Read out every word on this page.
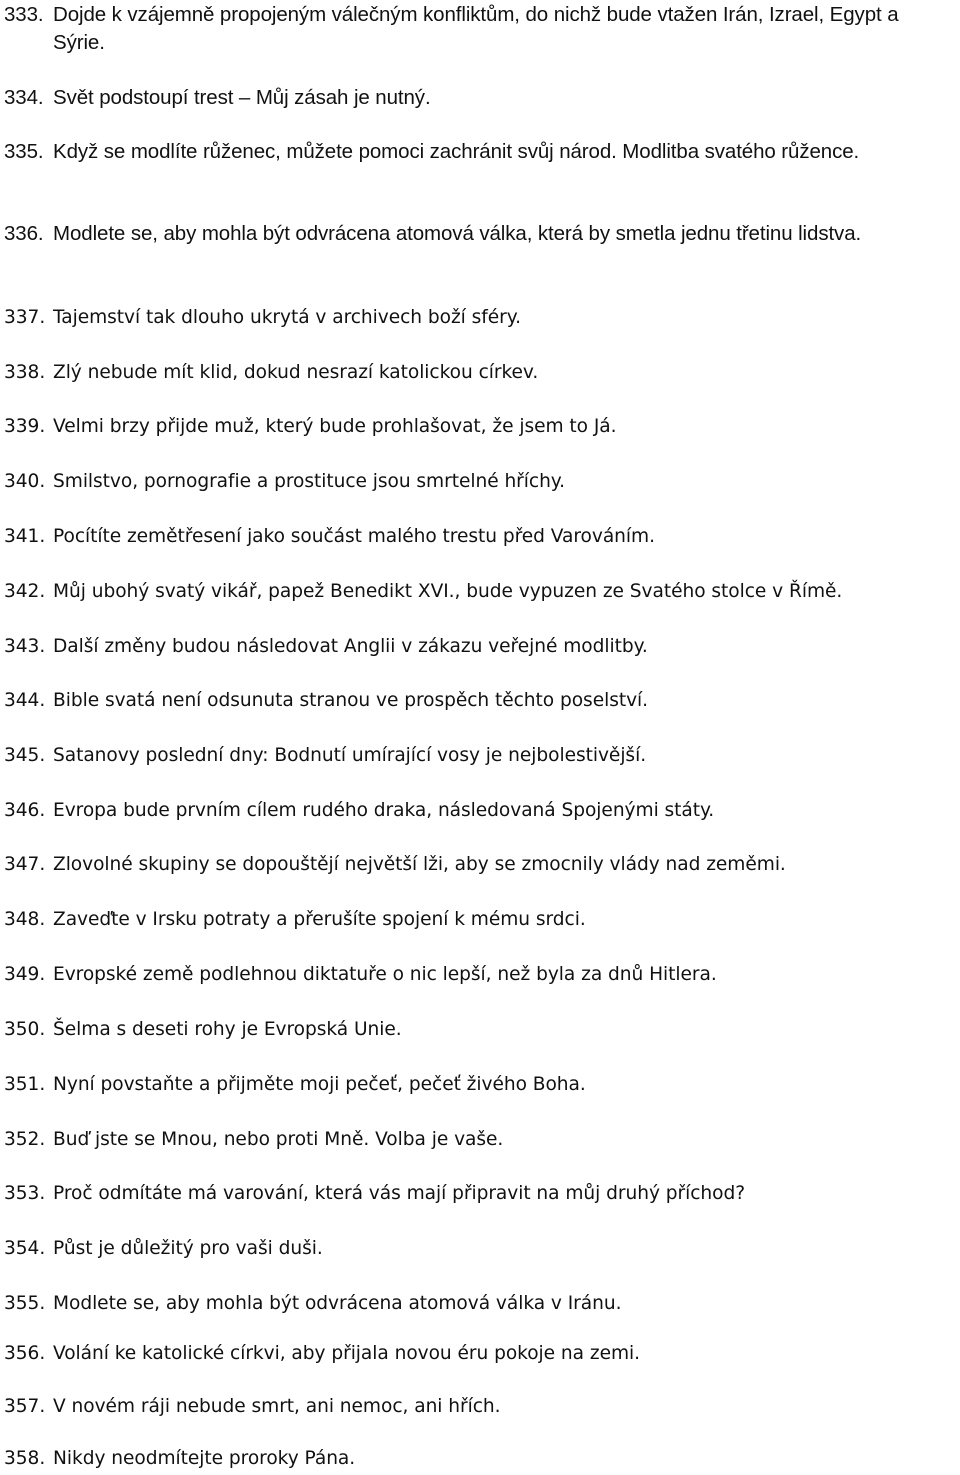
333. Dojde k vzájemně propojeným válečným konfliktům, do nichž bude vtažen Irán, Izrael, Egypt a Sýrie.
334. Svět podstoupí trest – Můj zásah je nutný.
335. Když se modlíte růženec, můžete pomoci zachránit svůj národ. Modlitba svatého růžence.
336. Modlete se, aby mohla být odvrácena atomová válka, která by smetla jednu třetinu lidstva.
337. Tajemství tak dlouho ukrytá v archivech boží sféry.
338. Zlý nebude mít klid, dokud nesrazí katolickou církev.
339. Velmi brzy přijde muž, který bude prohlašovat, že jsem to Já.
340. Smilstvo, pornografie a prostituce jsou smrtelné hříchy.
341. Pocítíte zemětřesení jako součást malého trestu před Varováním.
342. Můj ubohý svatý vikář, papež Benedikt XVI., bude vypuzen ze Svatého stolce v Římě.
343. Další změny budou následovat Anglii v zákazu veřejné modlitby.
344. Bible svatá není odsunuta stranou ve prospěch těchto poselství.
345. Satanovy poslední dny: Bodnutí umírající vosy je nejbolestivější.
346. Evropa bude prvním cílem rudého draka, následovaná Spojenými státy.
347. Zlovolné skupiny se dopouštějí největší lži, aby se zmocnily vlády nad zeměmi.
348. Zaveďte v Irsku potraty a přerušíte spojení k mému srdci.
349. Evropské země podlehnou diktatuře o nic lepší, než byla za dnů Hitlera.
350. Šelma s deseti rohy je Evropská Unie.
351. Nyní povstaňte a přijměte moji pečeť, pečeť živého Boha.
352. Buď jste se Mnou, nebo proti Mně. Volba je vaše.
353. Proč odmítáte má varování, která vás mají připravit na můj druhý příchod?
354. Půst je důležitý pro vaši duši.
355. Modlete se, aby mohla být odvrácena atomová válka v Iránu.
356. Volání ke katolické církvi, aby přijala novou éru pokoje na zemi.
357. V novém ráji nebude smrt, ani nemoc, ani hřích.
358. Nikdy neodmítejte proroky Pána.
